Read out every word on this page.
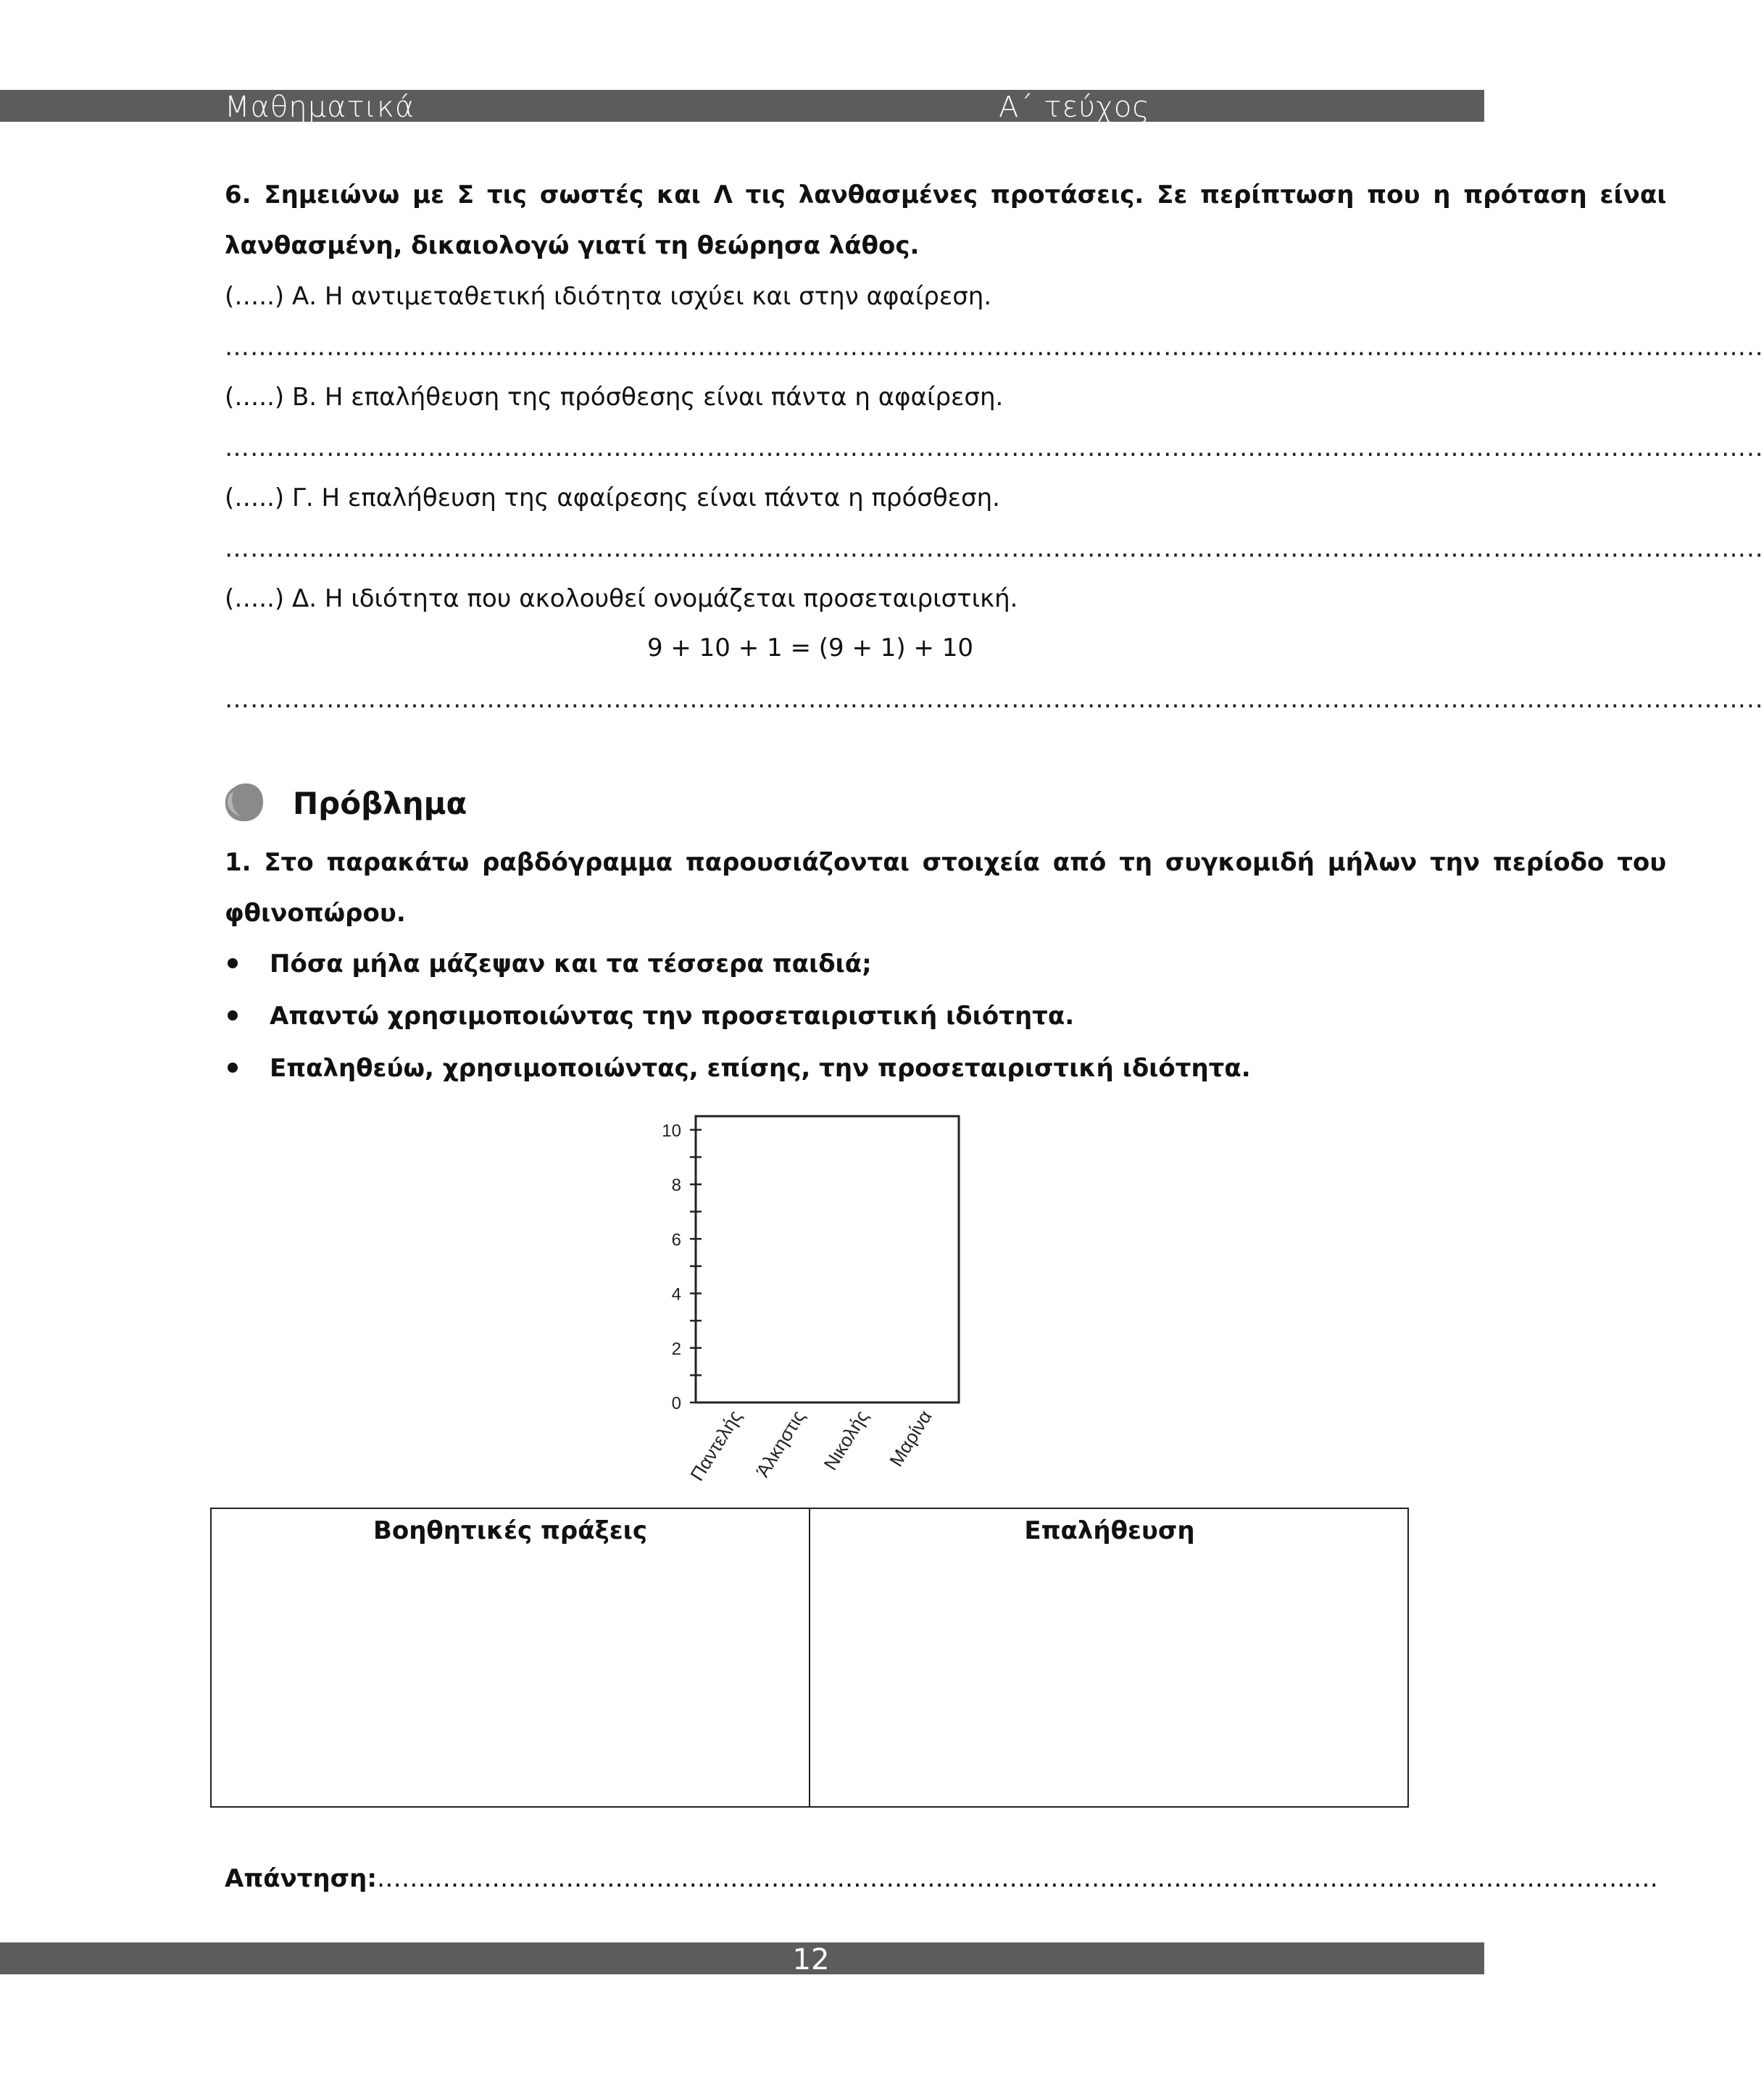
Μαθηματικά	Α΄ τεύχος
6. Σημειώνω με Σ τις σωστές και Λ τις λανθασμένες προτάσεις. Σε περίπτωση που η πρόταση είναι
λανθασμένη, δικαιολογώ γιατί τη θεώρησα λάθος.
(…..) Α. Η αντιμεταθετική ιδιότητα ισχύει και στην αφαίρεση.
………………………………………………………………………………………………………………………………………………………………..
(…..) Β. Η επαλήθευση της πρόσθεσης είναι πάντα η αφαίρεση.
………………………………………………………………………………………………………………………………………………………………..
(…..) Γ. Η επαλήθευση της αφαίρεσης είναι πάντα η πρόσθεση.
………………………………………………………………………………………………………………………………………………………………..
(…..) Δ. Η ιδιότητα που ακολουθεί ονομάζεται προσεταιριστική.
9 + 10 + 1 = (9 + 1) + 10
………………………………………………………………………………………………………………………………………………………………..
Πρόβλημα
1. Στο παρακάτω ραβδόγραμμα παρουσιάζονται στοιχεία από τη συγκομιδή μήλων την περίοδο του
φθινοπώρου.
Πόσα μήλα μάζεψαν και τα τέσσερα παιδιά;
Απαντώ χρησιμοποιώντας την προσεταιριστική ιδιότητα.
Επαληθεύω, χρησιμοποιώντας, επίσης, την προσεταιριστική ιδιότητα.
0
2
4
6
8
10
Παντελής Άλκηστις Νικολής Μαρίνα
Βοηθητικές πράξεις	Επαλήθευση
Απάντηση:…………………………………………………………………………………………………………………………………………
12
